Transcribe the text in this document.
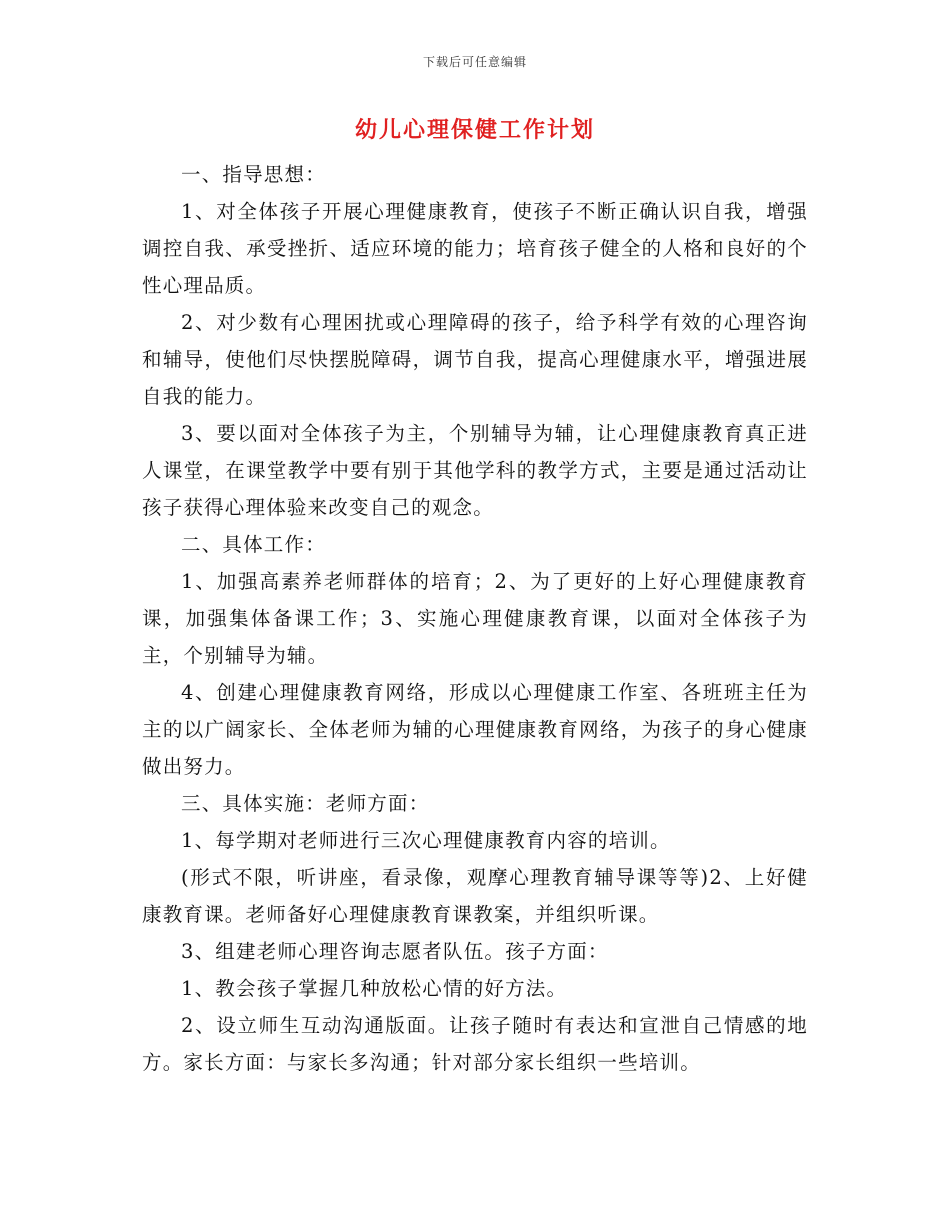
下载后可任意编辑
幼儿心理保健工作计划

一、指导思想：

1、对全体孩子开展心理健康教育，使孩子不断正确认识自我，增强调控自我、承受挫折、适应环境的能力；培育孩子健全的人格和良好的个性心理品质。

2、对少数有心理困扰或心理障碍的孩子，给予科学有效的心理咨询和辅导，使他们尽快摆脱障碍，调节自我，提高心理健康水平，增强进展自我的能力。

3、要以面对全体孩子为主，个别辅导为辅，让心理健康教育真正进人课堂，在课堂教学中要有别于其他学科的教学方式，主要是通过活动让孩子获得心理体验来改变自己的观念。

二、具体工作：

1、加强高素养老师群体的培育；2、为了更好的上好心理健康教育课，加强集体备课工作；3、实施心理健康教育课，以面对全体孩子为主，个别辅导为辅。

4、创建心理健康教育网络，形成以心理健康工作室、各班班主任为主的以广阔家长、全体老师为辅的心理健康教育网络，为孩子的身心健康做出努力。

三、具体实施：老师方面：

1、每学期对老师进行三次心理健康教育内容的培训。

(形式不限，听讲座，看录像，观摩心理教育辅导课等等)2、上好健康教育课。老师备好心理健康教育课教案，并组织听课。

3、组建老师心理咨询志愿者队伍。孩子方面：

1、教会孩子掌握几种放松心情的好方法。

2、设立师生互动沟通版面。让孩子随时有表达和宣泄自己情感的地方。家长方面：与家长多沟通；针对部分家长组织一些培训。
